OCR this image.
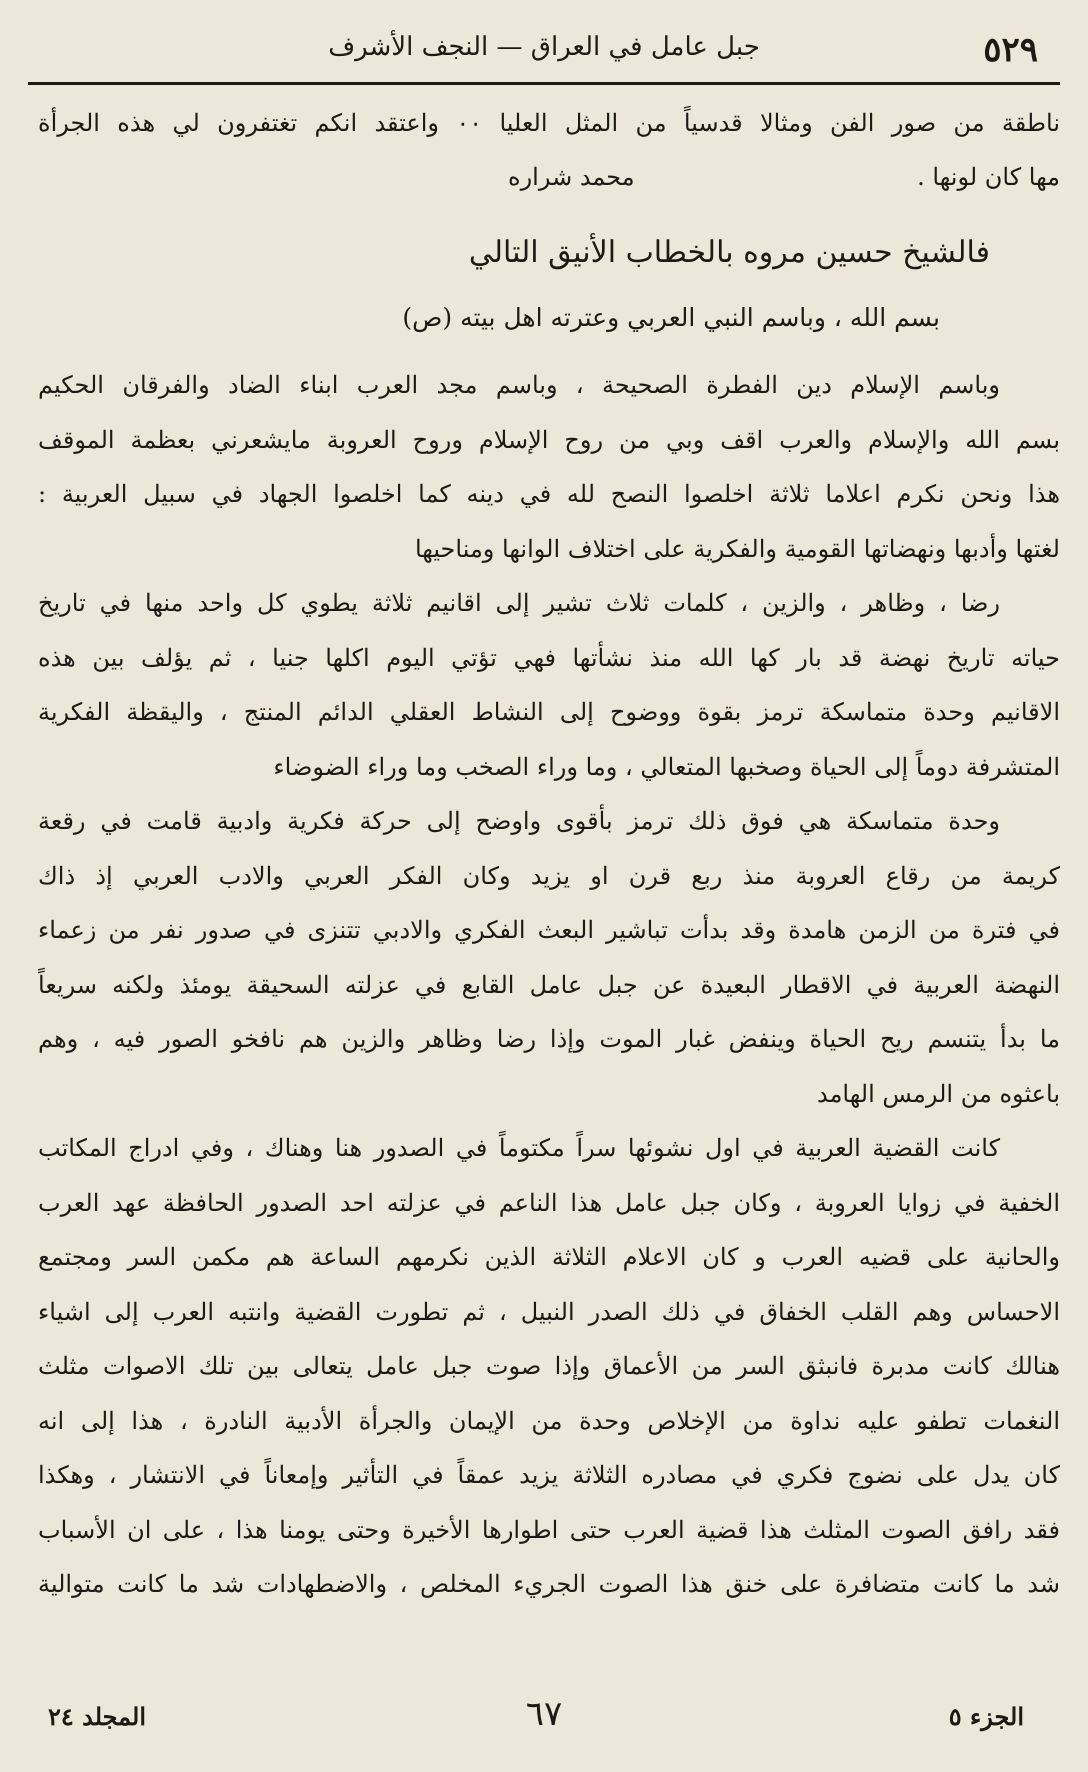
٥٢٩
جبل عامل في العراق — النجف الأشرف
ناطقة من صور الفن ومثالا قدسياً من المثل العليا ٠٠ واعتقد انكم تغتفرون لي هذه الجرأة
مها كان لونها .
محمد شراره
فالشيخ حسين مروه بالخطاب الأنيق التالي
بسم الله ، وباسم النبي العربي وعترته اهل بيته (ص)
وباسم الإسلام دين الفطرة الصحيحة ، وباسم مجد العرب ابناء الضاد والفرقان الحكيم
بسم الله والإسلام والعرب اقف وبي من روح الإسلام وروح العروبة مايشعرني بعظمة الموقف
هذا ونحن نكرم اعلاما ثلاثة اخلصوا النصح لله في دينه كما اخلصوا الجهاد في سبيل العربية :
لغتها وأدبها ونهضاتها القومية والفكرية على اختلاف الوانها ومناحيها
رضا ، وظاهر ، والزين ، كلمات ثلاث تشير إلى اقانيم ثلاثة يطوي كل واحد منها في تاريخ
حياته تاريخ نهضة قد بار كها الله منذ نشأتها فهي تؤتي اليوم اكلها جنيا ، ثم يؤلف بين هذه
الاقانيم وحدة متماسكة ترمز بقوة ووضوح إلى النشاط العقلي الدائم المنتج ، واليقظة الفكرية
المتشرفة دوماً إلى الحياة وصخبها المتعالي ، وما وراء الصخب وما وراء الضوضاء
وحدة متماسكة هي فوق ذلك ترمز بأقوى واوضح إلى حركة فكرية وادبية قامت في رقعة
كريمة من رقاع العروبة منذ ربع قرن او يزيد وكان الفكر العربي والادب العربي إذ ذاك
في فترة من الزمن هامدة وقد بدأت تباشير البعث الفكري والادبي تتنزى في صدور نفر من زعماء
النهضة العربية في الاقطار البعيدة عن جبل عامل القابع في عزلته السحيقة يومئذ ولكنه سريعاً
ما بدأ يتنسم ريح الحياة وينفض غبار الموت وإذا رضا وظاهر والزين هم نافخو الصور فيه ، وهم
باعثوه من الرمس الهامد
كانت القضية العربية في اول نشوئها سراً مكتوماً في الصدور هنا وهناك ، وفي ادراج المكاتب
الخفية في زوايا العروبة ، وكان جبل عامل هذا الناعم في عزلته احد الصدور الحافظة عهد العرب
والحانية على قضيه العرب و كان الاعلام الثلاثة الذين نكرمهم الساعة هم مكمن السر ومجتمع
الاحساس وهم القلب الخفاق في ذلك الصدر النبيل ، ثم تطورت القضية وانتبه العرب إلى اشياء
هنالك كانت مدبرة فانبثق السر من الأعماق وإذا صوت جبل عامل يتعالى بين تلك الاصوات مثلث
النغمات تطفو عليه نداوة من الإخلاص وحدة من الإيمان والجرأة الأدبية النادرة ، هذا إلى انه
كان يدل على نضوج فكري في مصادره الثلاثة يزيد عمقاً في التأثير وإمعاناً في الانتشار ، وهكذا
فقد رافق الصوت المثلث هذا قضية العرب حتى اطوارها الأخيرة وحتى يومنا هذا ، على ان الأسباب
شد ما كانت متضافرة على خنق هذا الصوت الجريء المخلص ، والاضطهادات شد ما كانت متوالية
الجزء ٥
٦٧
المجلد ٢٤
